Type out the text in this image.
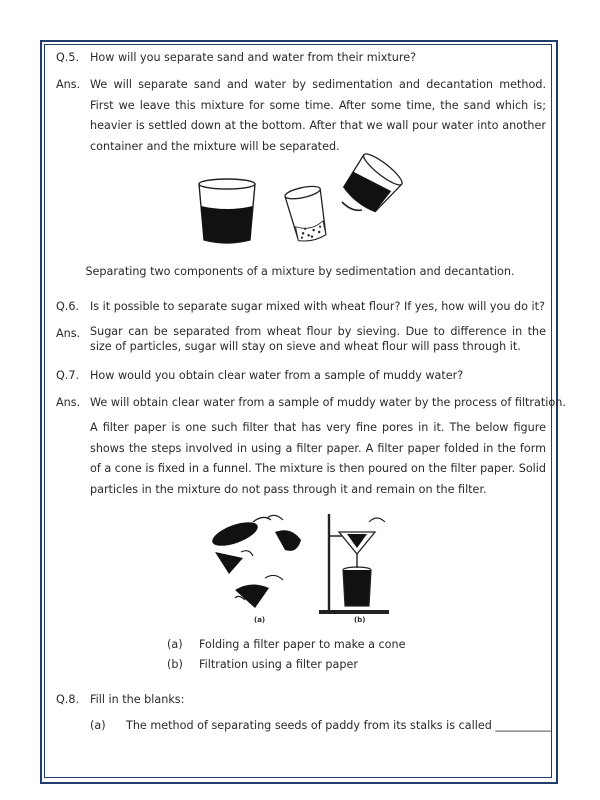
Q.5. How will you separate sand and water from their mixture?
Ans. We will separate sand and water by sedimentation and decantation method. First we leave this mixture for some time. After some time, the sand which is; heavier is settled down at the bottom. After that we wall pour water into another container and the mixture will be separated.
Separating two components of a mixture by sedimentation and decantation.
Q.6. Is it possible to separate sugar mixed with wheat flour? If yes, how will you do it?
Ans. Sugar can be separated from wheat flour by sieving. Due to difference in the size of particles, sugar will stay on sieve and wheat flour will pass through it.
Q.7. How would you obtain clear water from a sample of muddy water?
Ans. We will obtain clear water from a sample of muddy water by the process of filtration.
A filter paper is one such filter that has very fine pores in it. The below figure shows the steps involved in using a filter paper. A filter paper folded in the form of a cone is fixed in a funnel. The mixture is then poured on the filter paper. Solid particles in the mixture do not pass through it and remain on the filter.
(a)	(b)
(a) Folding a filter paper to make a cone
(b) Filtration using a filter paper
Q.8. Fill in the blanks:
(a) The method of separating seeds of paddy from its stalks is called __________ .
